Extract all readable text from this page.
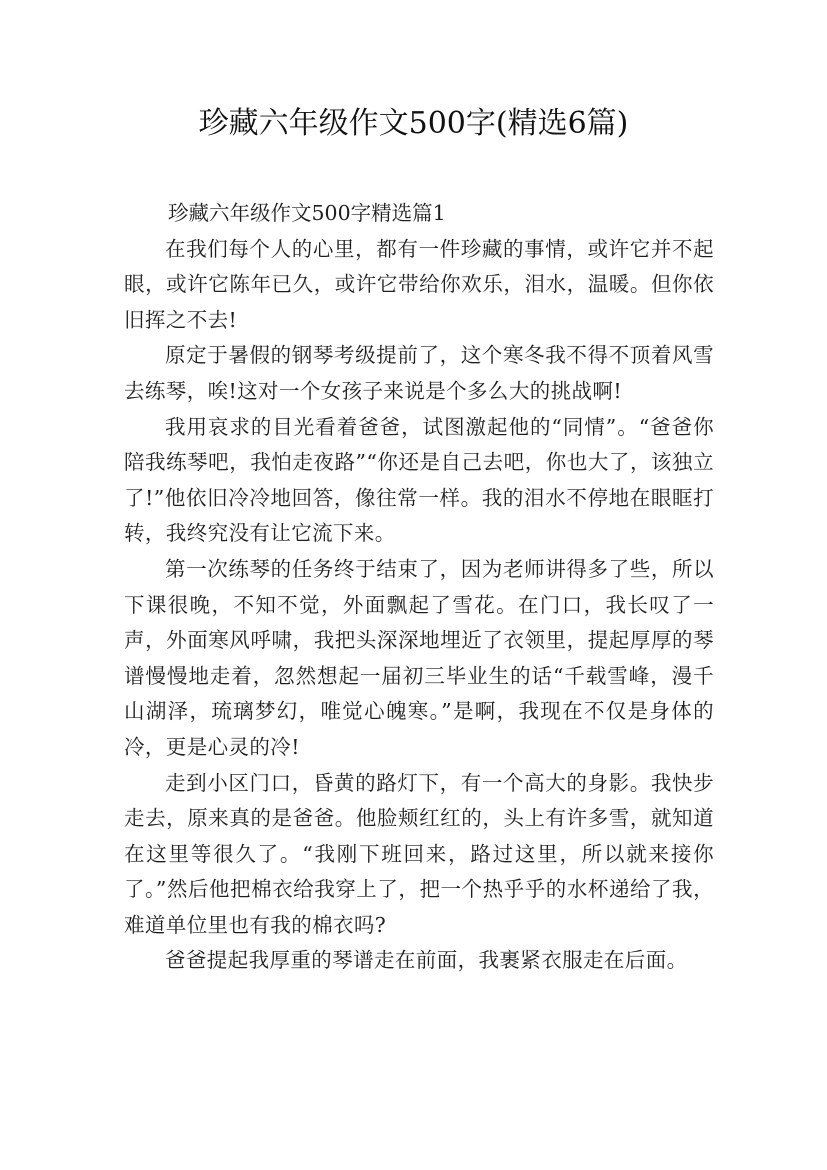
珍藏六年级作文500字(精选6篇)

珍藏六年级作文500字精选篇1

在我们每个人的心里，都有一件珍藏的事情，或许它并不起眼，或许它陈年已久，或许它带给你欢乐，泪水，温暖。但你依旧挥之不去!

原定于暑假的钢琴考级提前了，这个寒冬我不得不顶着风雪去练琴，唉!这对一个女孩子来说是个多么大的挑战啊!

我用哀求的目光看着爸爸，试图激起他的“同情”。“爸爸你陪我练琴吧，我怕走夜路”“你还是自己去吧，你也大了，该独立了!”他依旧冷冷地回答，像往常一样。我的泪水不停地在眼眶打转，我终究没有让它流下来。

第一次练琴的任务终于结束了，因为老师讲得多了些，所以下课很晚，不知不觉，外面飘起了雪花。在门口，我长叹了一声，外面寒风呼啸，我把头深深地埋近了衣领里，提起厚厚的琴谱慢慢地走着，忽然想起一届初三毕业生的话“千载雪峰，漫千山湖泽，琉璃梦幻，唯觉心魄寒。”是啊，我现在不仅是身体的冷，更是心灵的冷!

走到小区门口，昏黄的路灯下，有一个高大的身影。我快步走去，原来真的是爸爸。他脸颊红红的，头上有许多雪，就知道在这里等很久了。“我刚下班回来，路过这里，所以就来接你了。”然后他把棉衣给我穿上了，把一个热乎乎的水杯递给了我，难道单位里也有我的棉衣吗?

爸爸提起我厚重的琴谱走在前面，我裹紧衣服走在后面。
